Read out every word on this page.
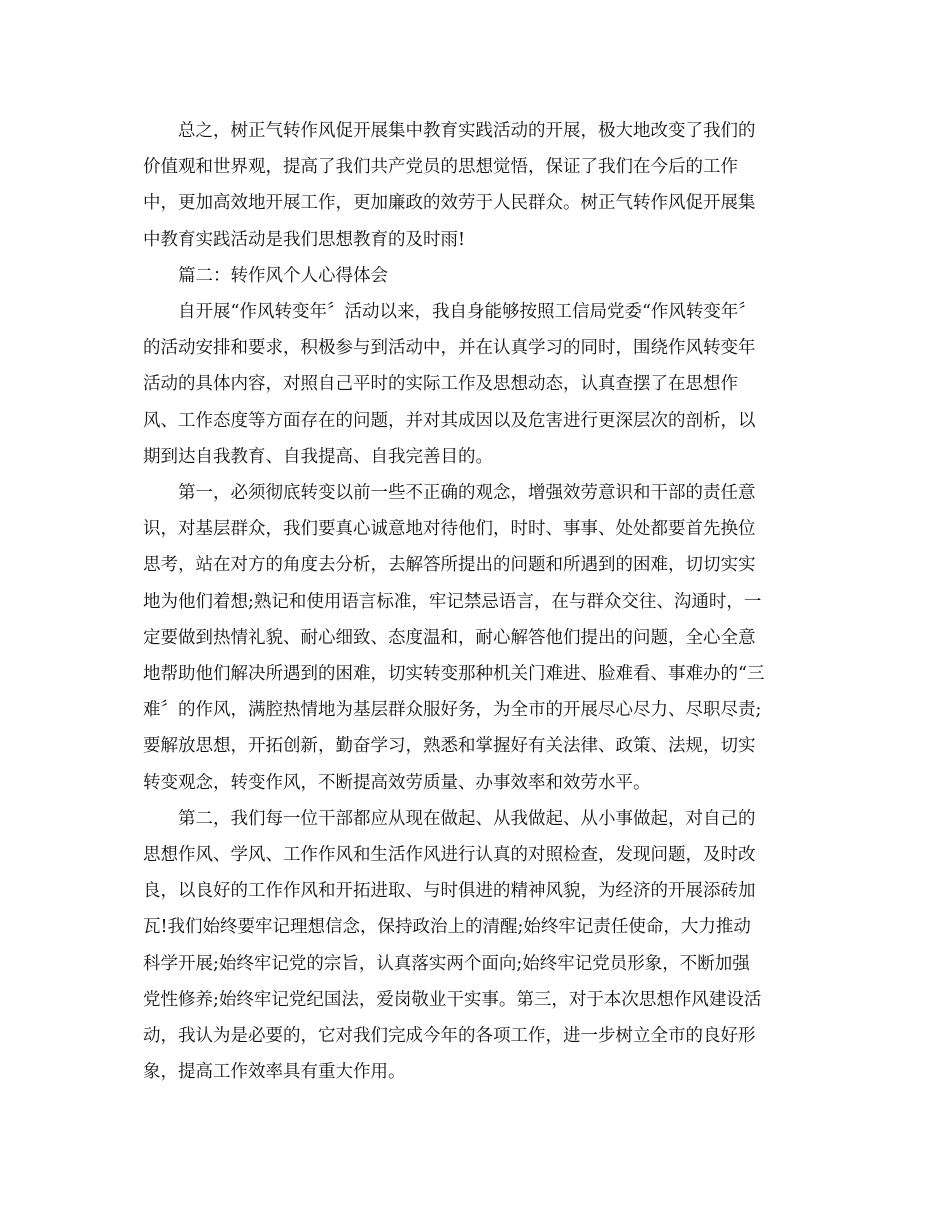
总之，树正气转作风促开展集中教育实践活动的开展，极大地改变了我们的
价值观和世界观，提高了我们共产党员的思想觉悟，保证了我们在今后的工作
中，更加高效地开展工作，更加廉政的效劳于人民群众。树正气转作风促开展集
中教育实践活动是我们思想教育的及时雨!

篇二：转作风个人心得体会

自开展“作风转变年〞活动以来，我自身能够按照工信局党委“作风转变年〞
的活动安排和要求，积极参与到活动中，并在认真学习的同时，围绕作风转变年
活动的具体内容，对照自己平时的实际工作及思想动态，认真查摆了在思想作
风、工作态度等方面存在的问题，并对其成因以及危害进行更深层次的剖析，以
期到达自我教育、自我提高、自我完善目的。

第一，必须彻底转变以前一些不正确的观念，增强效劳意识和干部的责任意
识，对基层群众，我们要真心诚意地对待他们，时时、事事、处处都要首先换位
思考，站在对方的角度去分析，去解答所提出的问题和所遇到的困难，切切实实
地为他们着想;熟记和使用语言标准，牢记禁忌语言，在与群众交往、沟通时，一
定要做到热情礼貌、耐心细致、态度温和，耐心解答他们提出的问题，全心全意
地帮助他们解决所遇到的困难，切实转变那种机关门难进、脸难看、事难办的“三
难〞的作风，满腔热情地为基层群众服好务，为全市的开展尽心尽力、尽职尽责;
要解放思想，开拓创新，勤奋学习，熟悉和掌握好有关法律、政策、法规，切实
转变观念，转变作风，不断提高效劳质量、办事效率和效劳水平。

第二，我们每一位干部都应从现在做起、从我做起、从小事做起，对自己的
思想作风、学风、工作作风和生活作风进行认真的对照检查，发现问题，及时改
良，以良好的工作作风和开拓进取、与时俱进的精神风貌，为经济的开展添砖加
瓦!我们始终要牢记理想信念，保持政治上的清醒;始终牢记责任使命，大力推动
科学开展;始终牢记党的宗旨，认真落实两个面向;始终牢记党员形象，不断加强
党性修养;始终牢记党纪国法，爱岗敬业干实事。第三，对于本次思想作风建设活
动，我认为是必要的，它对我们完成今年的各项工作，进一步树立全市的良好形
象，提高工作效率具有重大作用。
